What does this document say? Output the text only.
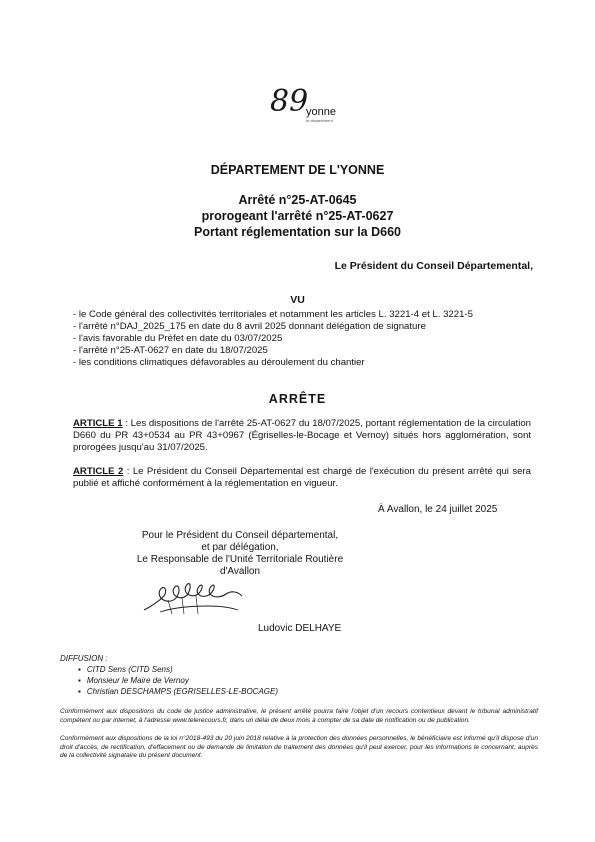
89
yonne
le département
DÉPARTEMENT DE L'YONNE
Arrêté n°25-AT-0645
prorogeant l'arrêté n°25-AT-0627
Portant réglementation sur la D660
Le Président du Conseil Départemental,
VU
- le Code général des collectivités territoriales et notamment les articles L. 3221-4 et L. 3221-5
- l'arrêté n°DAJ_2025_175 en date du 8 avril 2025 donnant délégation de signature
- l'avis favorable du Préfet en date du 03/07/2025
- l'arrêté n°25-AT-0627 en date du 18/07/2025
- les conditions climatiques défavorables au déroulement du chantier
ARRÊTE
ARTICLE 1 : Les dispositions de l'arrêté 25-AT-0627 du 18/07/2025, portant réglementation de la circulation D660 du PR 43+0534 au PR 43+0967 (Égriselles-le-Bocage et Vernoy) situés hors agglomération, sont prorogées jusqu'au 31/07/2025.
ARTICLE 2 : Le Président du Conseil Départemental est chargé de l'exécution du présent arrêté qui sera publié et affiché conformément à la réglementation en vigueur.
À Avallon, le 24 juillet 2025
Pour le Président du Conseil départemental,
et par délégation,
Le Responsable de l'Unité Territoriale Routière
d'Avallon
Ludovic DELHAYE
DIFFUSION :
▪ CITD Sens (CITD Sens)
▪ Monsieur le Maire de Vernoy
▪ Christian DESCHAMPS (EGRISELLES-LE-BOCAGE)
Conformément aux dispositions du code de justice administrative, le présent arrêté pourra faire l'objet d'un recours contentieux devant le tribunal administratif compétent ou par internet, à l'adresse www.telerecours.fr, dans un délai de deux mois à compter de sa date de notification ou de publication.
Conformément aux dispositions de la loi n°2018-493 du 20 juin 2018 relative à la protection des données personnelles, le bénéficiaire est informé qu'il dispose d'un droit d'accès, de rectification, d'effacement ou de demande de limitation de traitement des données qu'il peut exercer, pour les informations le concernant, auprès de la collectivité signataire du présent document.
